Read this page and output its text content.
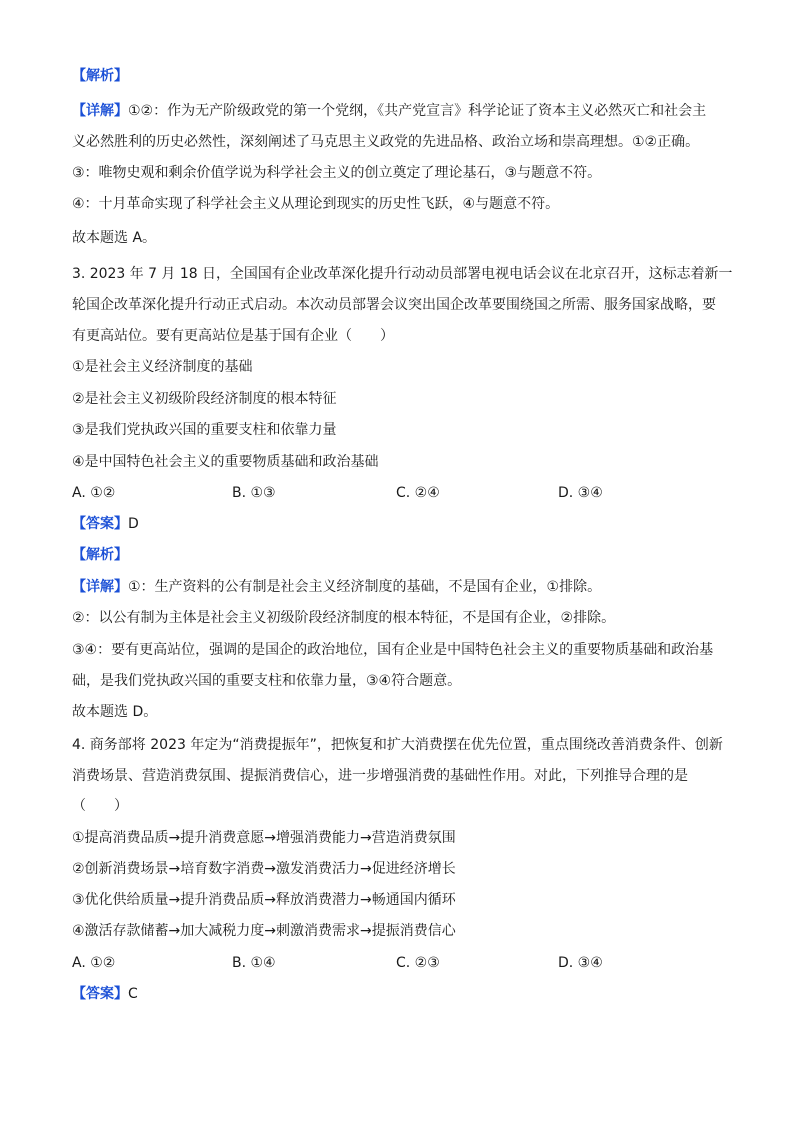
【解析】
【详解】①②：作为无产阶级政党的第一个党纲，《共产党宣言》科学论证了资本主义必然灭亡和社会主
义必然胜利的历史必然性，深刻阐述了马克思主义政党的先进品格、政治立场和崇高理想。①②正确。
③：唯物史观和剩余价值学说为科学社会主义的创立奠定了理论基石，③与题意不符。
④：十月革命实现了科学社会主义从理论到现实的历史性飞跃，④与题意不符。
故本题选 A。
3. 2023 年 7 月 18 日，全国国有企业改革深化提升行动动员部署电视电话会议在北京召开，这标志着新一
轮国企改革深化提升行动正式启动。本次动员部署会议突出国企改革要围绕国之所需、服务国家战略，要
有更高站位。要有更高站位是基于国有企业（　　）
①是社会主义经济制度的基础
②是社会主义初级阶段经济制度的根本特征
③是我们党执政兴国的重要支柱和依靠力量
④是中国特色社会主义的重要物质基础和政治基础
A. ①②	B. ①③	C. ②④	D. ③④
【答案】D
【解析】
【详解】①：生产资料的公有制是社会主义经济制度的基础，不是国有企业，①排除。
②：以公有制为主体是社会主义初级阶段经济制度的根本特征，不是国有企业，②排除。
③④：要有更高站位，强调的是国企的政治地位，国有企业是中国特色社会主义的重要物质基础和政治基
础，是我们党执政兴国的重要支柱和依靠力量，③④符合题意。
故本题选 D。
4. 商务部将 2023 年定为“消费提振年”，把恢复和扩大消费摆在优先位置，重点围绕改善消费条件、创新
消费场景、营造消费氛围、提振消费信心，进一步增强消费的基础性作用。对此，下列推导合理的是
（　　）
①提高消费品质→提升消费意愿→增强消费能力→营造消费氛围
②创新消费场景→培育数字消费→激发消费活力→促进经济增长
③优化供给质量→提升消费品质→释放消费潜力→畅通国内循环
④激活存款储蓄→加大减税力度→刺激消费需求→提振消费信心
A. ①②	B. ①④	C. ②③	D. ③④
【答案】C
